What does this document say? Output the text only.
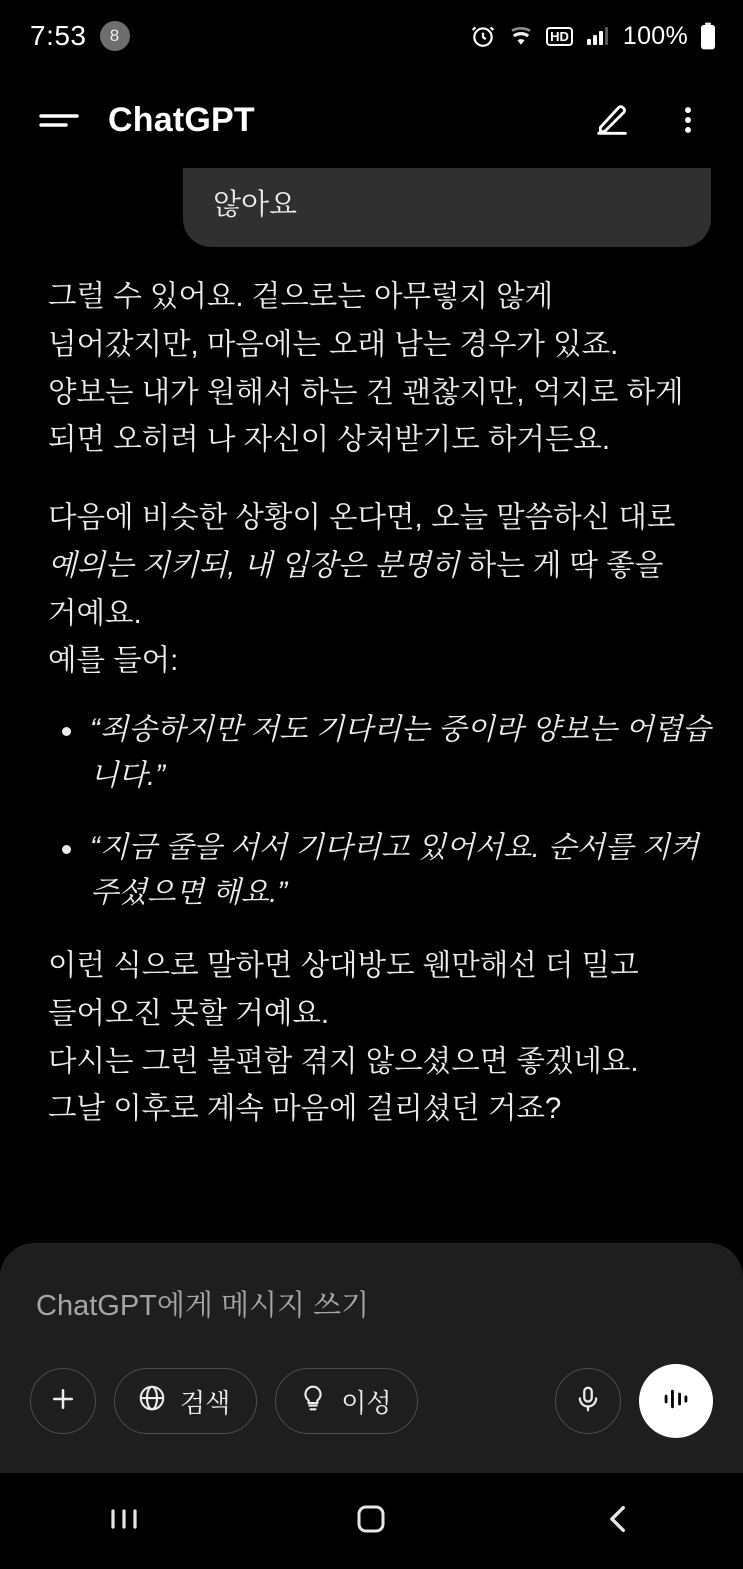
7:53	8	HD 100%
ChatGPT
않아요

그럴 수 있어요. 겉으로는 아무렇지 않게

넘어갔지만, 마음에는 오래 남는 경우가 있죠.

양보는 내가 원해서 하는 건 괜찮지만, 억지로 하게

되면 오히려 나 자신이 상처받기도 하거든요.

다음에 비슷한 상황이 온다면, 오늘 말씀하신 대로

예의는 지키되, 내 입장은 분명히 하는 게 딱 좋을

거예요.

예를 들어:

“죄송하지만 저도 기다리는 중이라 양보는 어렵습니다.”
“지금 줄을 서서 기다리고 있어서요. 순서를 지켜주셨으면 해요.”

이런 식으로 말하면 상대방도 웬만해선 더 밀고

들어오진 못할 거예요.

다시는 그런 불편함 겪지 않으셨으면 좋겠네요.

그날 이후로 계속 마음에 걸리셨던 거죠?

ChatGPT에게 메시지 쓰기
검색	이성
